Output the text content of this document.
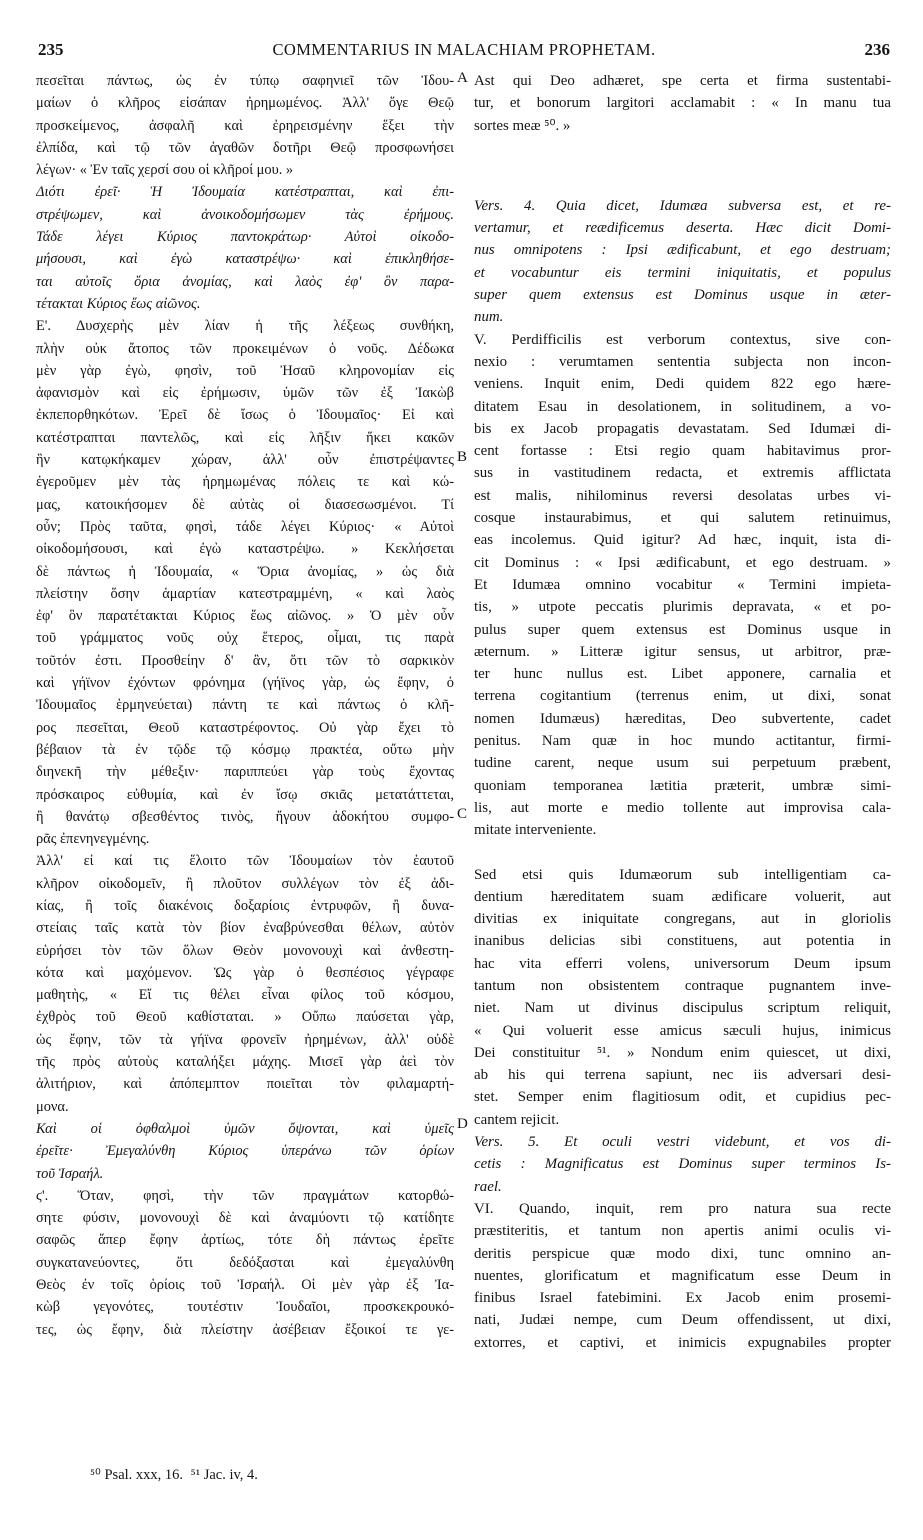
235	COMMENTARIUS IN MALACHIAM PROPHETAM.	236
A
B
C
D
πεσεῖται πάντως, ὡς ἐν τύπῳ σαφηνιεῖ τῶν Ἰδου-
μαίων ὁ κλῆρος εἰσάπαν ἠρημωμένος. Ἀλλ' ὅγε Θεῷ
προσκείμενος, ἀσφαλῆ καὶ ἐρηρεισμένην ἕξει τὴν
ἐλπίδα, καὶ τῷ τῶν ἀγαθῶν δοτῆρι Θεῷ προσφωνήσει
λέγων· « Ἐν ταῖς χερσί σου οἱ κλῆροί μου. »
Διότι ἐρεῖ· Ἡ Ἰδουμαία κατέστραπται, καὶ ἐπι-
στρέψωμεν, καὶ ἀνοικοδομήσωμεν τὰς ἐρήμους.
Τάδε λέγει Κύριος παντοκράτωρ· Αὐτοὶ οἰκοδο-
μήσουσι, καὶ ἐγὼ καταστρέψω· καὶ ἐπικληθήσε-
ται αὐτοῖς ὅρια ἀνομίας, καὶ λαὸς ἐφ' ὃν παρα-
τέτακται Κύριος ἕως αἰῶνος.
Ε'. Δυσχερὴς μὲν λίαν ἡ τῆς λέξεως συνθήκη,
πλὴν οὐκ ἄτοπος τῶν προκειμένων ὁ νοῦς. Δέδωκα
μὲν γὰρ ἐγὼ, φησὶν, τοῦ Ἠσαῦ κληρονομίαν εἰς
ἀφανισμὸν καὶ εἰς ἐρήμωσιν, ὑμῶν τῶν ἐξ Ἰακὼβ
ἐκπεπορθηκότων. Ἐρεῖ δὲ ἴσως ὁ Ἰδουμαῖος· Εἰ καὶ
κατέστραπται παντελῶς, καὶ εἰς λῆξιν ἥκει κακῶν
ἣν κατῳκήκαμεν χώραν, ἀλλ' οὖν ἐπιστρέψαντες
ἐγεροῦμεν μὲν τὰς ἠρημωμένας πόλεις τε καὶ κώ-
μας, κατοικήσομεν δὲ αὐτὰς οἱ διασεσωσμένοι. Τί
οὖν; Πρὸς ταῦτα, φησὶ, τάδε λέγει Κύριος· « Αὐτοὶ
οἰκοδομήσουσι, καὶ ἐγὼ καταστρέψω. » Κεκλήσεται
δὲ πάντως ἡ Ἰδουμαία, « Ὅρια ἀνομίας, » ὡς διὰ
πλείστην ὅσην ἁμαρτίαν κατεστραμμένη, « καὶ λαὸς
ἐφ' ὃν παρατέτακται Κύριος ἕως αἰῶνος. » Ὁ μὲν οὖν
τοῦ γράμματος νοῦς οὐχ ἕτερος, οἶμαι, τις παρὰ
τοῦτόν ἐστι. Προσθείην δ' ἂν, ὅτι τῶν τὸ σαρκικὸν
καὶ γήϊνον ἐχόντων φρόνημα (γήϊνος γὰρ, ὡς ἔφην, ὁ
Ἰδουμαῖος ἑρμηνεύεται) πάντη τε καὶ πάντως ὁ κλῆ-
ρος πεσεῖται, Θεοῦ καταστρέφοντος. Οὐ γὰρ ἔχει τὸ
βέβαιον τὰ ἐν τῷδε τῷ κόσμῳ πρακτέα, οὔτω μὴν
διηνεκῆ τὴν μέθεξιν· παριππεύει γὰρ τοὺς ἔχοντας
πρόσκαιρος εὐθυμία, καὶ ἐν ἴσῳ σκιᾶς μετατάττεται,
ἢ θανάτῳ σβεσθέντος τινὸς, ἤγουν ἀδοκήτου συμφο-
ρᾶς ἐπενηνεγμένης.
Ἀλλ' εἰ καί τις ἕλοιτο τῶν Ἰδουμαίων τὸν ἑαυτοῦ
κλῆρον οἰκοδομεῖν, ἢ πλοῦτον συλλέγων τὸν ἐξ ἀδι-
κίας, ἢ τοῖς διακένοις δοξαρίοις ἐντρυφῶν, ἢ δυνα-
στείαις ταῖς κατὰ τὸν βίον ἐναβρύνεσθαι θέλων, αὐτὸν
εὑρήσει τὸν τῶν ὅλων Θεὸν μονονουχὶ καὶ ἀνθεστη-
κότα καὶ μαχόμενον. Ὡς γὰρ ὁ θεσπέσιος γέγραφε
μαθητὴς, « Εἴ τις θέλει εἶναι φίλος τοῦ κόσμου,
ἐχθρὸς τοῦ Θεοῦ καθίσταται. » Οὔπω παύσεται γὰρ,
ὡς ἔφην, τῶν τὰ γήϊνα φρονεῖν ἠρημένων, ἀλλ' οὐδὲ
τῆς πρὸς αὐτοὺς καταλήξει μάχης. Μισεῖ γὰρ ἀεὶ τὸν
ἀλιτήριον, καὶ ἀπόπεμπτον ποιεῖται τὸν φιλαμαρτή-
μονα.
Καὶ οἱ ὀφθαλμοὶ ὑμῶν ὄψονται, καὶ ὑμεῖς
ἐρεῖτε· Ἐμεγαλύνθη Κύριος ὑπεράνω τῶν ὁρίων
τοῦ Ἰσραήλ.
ϛ'. Ὅταν, φησὶ, τὴν τῶν πραγμάτων κατορθώ-
σητε φύσιν, μονονουχὶ δὲ καὶ ἀναμύοντι τῷ κατίδητε
σαφῶς ἅπερ ἔφην ἀρτίως, τότε δὴ πάντως ἐρεῖτε
συγκατανεύοντες, ὅτι δεδόξασται καὶ ἐμεγαλύνθη
Θεὸς ἐν τοῖς ὁρίοις τοῦ Ἰσραήλ. Οἱ μὲν γὰρ ἐξ Ἰα-
κὼβ γεγονότες, τουτέστιν Ἰουδαῖοι, προσκεκρουκό-
τες, ὡς ἔφην, διὰ πλείστην ἀσέβειαν ἔξοικοί τε γε-
Ast qui Deo adhæret, spe certa et firma sustentabi-
tur, et bonorum largitori acclamabit : « In manu tua
sortes meæ ⁵⁰. »
Vers. 4. Quia dicet, Idumæa subversa est, et re-
vertamur, et reædificemus deserta. Hæc dicit Domi-
nus omnipotens : Ipsi ædificabunt, et ego destruam;
et vocabuntur eis termini iniquitatis, et populus
super quem extensus est Dominus usque in æter-
num.
V. Perdifficilis est verborum contextus, sive con-
nexio : verumtamen sententia subjecta non incon-
veniens. Inquit enim, Dedi quidem 822 ego hære-
ditatem Esau in desolationem, in solitudinem, a vo-
bis ex Jacob propagatis devastatam. Sed Idumæi di-
cent fortasse : Etsi regio quam habitavimus pror-
sus in vastitudinem redacta, et extremis afflictata
est malis, nihilominus reversi desolatas urbes vi-
cosque instaurabimus, et qui salutem retinuimus,
eas incolemus. Quid igitur? Ad hæc, inquit, ista di-
cit Dominus : « Ipsi ædificabunt, et ego destruam. »
Et Idumæa omnino vocabitur « Termini impieta-
tis, » utpote peccatis plurimis depravata, « et po-
pulus super quem extensus est Dominus usque in
æternum. » Litteræ igitur sensus, ut arbitror, præ-
ter hunc nullus est. Libet apponere, carnalia et
terrena cogitantium (terrenus enim, ut dixi, sonat
nomen Idumæus) hæreditas, Deo subvertente, cadet
penitus. Nam quæ in hoc mundo actitantur, firmi-
tudine carent, neque usum sui perpetuum præbent,
quoniam temporanea lætitia præterit, umbræ simi-
lis, aut morte e medio tollente aut improvisa cala-
mitate interveniente.
Sed etsi quis Idumæorum sub intelligentiam ca-
dentium hæreditatem suam ædificare voluerit, aut
divitias ex iniquitate congregans, aut in gloriolis
inanibus delicias sibi constituens, aut potentia in
hac vita efferri volens, universorum Deum ipsum
tantum non obsistentem contraque pugnantem inve-
niet. Nam ut divinus discipulus scriptum reliquit,
« Qui voluerit esse amicus sæculi hujus, inimicus
Dei constituitur ⁵¹. » Nondum enim quiescet, ut dixi,
ab his qui terrena sapiunt, nec iis adversari desi-
stet. Semper enim flagitiosum odit, et cupidius pec-
cantem rejicit.
Vers. 5. Et oculi vestri videbunt, et vos di-
cetis : Magnificatus est Dominus super terminos Is-
rael.
VI. Quando, inquit, rem pro natura sua recte
præstiteritis, et tantum non apertis animi oculis vi-
deritis perspicue quæ modo dixi, tunc omnino an-
nuentes, glorificatum et magnificatum esse Deum in
finibus Israel fatebimini. Ex Jacob enim prosemi-
nati, Judæi nempe, cum Deum offendissent, ut dixi,
extorres, et captivi, et inimicis expugnabiles propter
⁵⁰ Psal. xxx, 16. ⁵¹ Jac. iv, 4.
